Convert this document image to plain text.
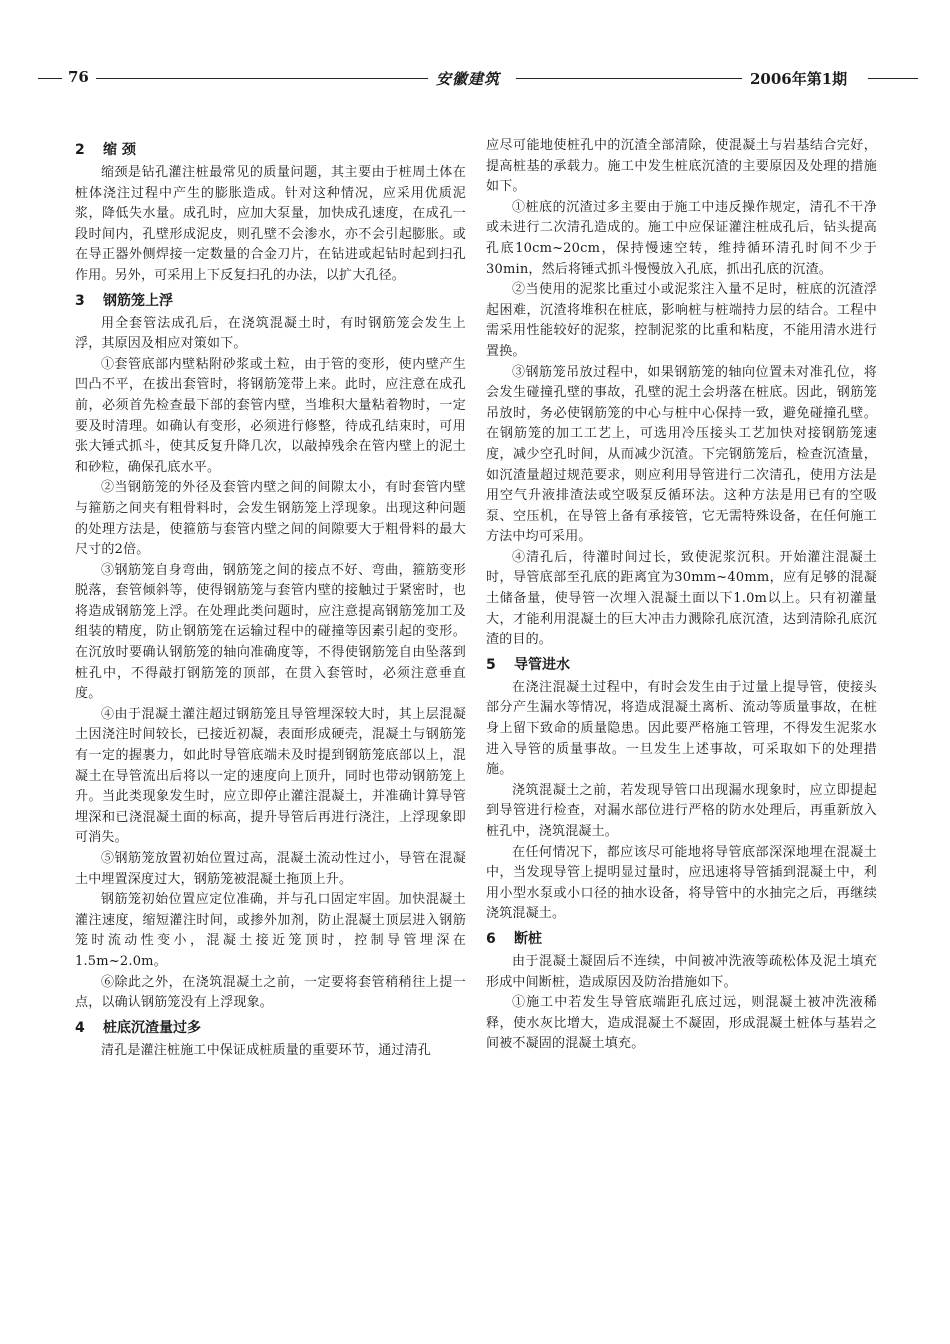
76	安徽建筑	2006年第1期
2 缩 颈

缩颈是钻孔灌注桩最常见的质量问题，其主要由于桩周土体在桩体浇注过程中产生的膨胀造成。针对这种情况，应采用优质泥浆，降低失水量。成孔时，应加大泵量，加快成孔速度，在成孔一段时间内，孔壁形成泥皮，则孔壁不会渗水，亦不会引起膨胀。或在导正器外侧焊接一定数量的合金刀片，在钻进或起钻时起到扫孔作用。另外，可采用上下反复扫孔的办法，以扩大孔径。

3 钢筋笼上浮

用全套管法成孔后，在浇筑混凝土时，有时钢筋笼会发生上浮，其原因及相应对策如下。

①套管底部内壁粘附砂浆或土粒，由于管的变形，使内壁产生凹凸不平，在拔出套管时，将钢筋笼带上来。此时，应注意在成孔前，必须首先检查最下部的套管内壁，当堆积大量粘着物时，一定要及时清理。如确认有变形，必须进行修整，待成孔结束时，可用张大锤式抓斗，使其反复升降几次，以敲掉残余在管内壁上的泥土和砂粒，确保孔底水平。

②当钢筋笼的外径及套管内壁之间的间隙太小，有时套管内壁与箍筋之间夹有粗骨料时，会发生钢筋笼上浮现象。出现这种问题的处理方法是，使箍筋与套管内壁之间的间隙要大于粗骨料的最大尺寸的2倍。

③钢筋笼自身弯曲，钢筋笼之间的接点不好、弯曲，箍筋变形脱落，套管倾斜等，使得钢筋笼与套管内壁的接触过于紧密时，也将造成钢筋笼上浮。在处理此类问题时，应注意提高钢筋笼加工及组装的精度，防止钢筋笼在运输过程中的碰撞等因素引起的变形。在沉放时要确认钢筋笼的轴向准确度等，不得使钢筋笼自由坠落到桩孔中，不得敲打钢筋笼的顶部，在贯入套管时，必须注意垂直度。

④由于混凝土灌注超过钢筋笼且导管埋深较大时，其上层混凝土因浇注时间较长，已接近初凝，表面形成硬壳，混凝土与钢筋笼有一定的握裹力，如此时导管底端未及时提到钢筋笼底部以上，混凝土在导管流出后将以一定的速度向上顶升，同时也带动钢筋笼上升。当此类现象发生时，应立即停止灌注混凝土，并准确计算导管埋深和已浇混凝土面的标高，提升导管后再进行浇注，上浮现象即可消失。

⑤钢筋笼放置初始位置过高，混凝土流动性过小，导管在混凝土中埋置深度过大，钢筋笼被混凝土拖顶上升。

钢筋笼初始位置应定位准确，并与孔口固定牢固。加快混凝土灌注速度，缩短灌注时间，或掺外加剂，防止混凝土顶层进入钢筋笼时流动性变小，混凝土接近笼顶时，控制导管埋深在1.5m~2.0m。

⑥除此之外，在浇筑混凝土之前，一定要将套管稍稍往上提一点，以确认钢筋笼没有上浮现象。

4 桩底沉渣量过多

清孔是灌注桩施工中保证成桩质量的重要环节，通过清孔

应尽可能地使桩孔中的沉渣全部清除，使混凝土与岩基结合完好，提高桩基的承载力。施工中发生桩底沉渣的主要原因及处理的措施如下。

①桩底的沉渣过多主要由于施工中违反操作规定，清孔不干净或未进行二次清孔造成的。施工中应保证灌注桩成孔后，钻头提高孔底10cm~20cm，保持慢速空转，维持循环清孔时间不少于30min，然后将锤式抓斗慢慢放入孔底，抓出孔底的沉渣。

②当使用的泥浆比重过小或泥浆注入量不足时，桩底的沉渣浮起困难，沉渣将堆积在桩底，影响桩与桩端持力层的结合。工程中需采用性能较好的泥浆，控制泥浆的比重和粘度，不能用清水进行置换。

③钢筋笼吊放过程中，如果钢筋笼的轴向位置未对准孔位，将会发生碰撞孔壁的事故，孔壁的泥土会坍落在桩底。因此，钢筋笼吊放时，务必使钢筋笼的中心与桩中心保持一致，避免碰撞孔壁。在钢筋笼的加工工艺上，可选用冷压接头工艺加快对接钢筋笼速度，减少空孔时间，从而减少沉渣。下完钢筋笼后，检查沉渣量，如沉渣量超过规范要求，则应利用导管进行二次清孔，使用方法是用空气升液排渣法或空吸泵反循环法。这种方法是用已有的空吸泵、空压机，在导管上备有承接管，它无需特殊设备，在任何施工方法中均可采用。

④清孔后，待灌时间过长，致使泥浆沉积。开始灌注混凝土时，导管底部至孔底的距离宜为30mm~40mm，应有足够的混凝土储备量，使导管一次埋入混凝土面以下1.0m以上。只有初灌量大，才能利用混凝土的巨大冲击力溅除孔底沉渣，达到清除孔底沉渣的目的。

5 导管进水

在浇注混凝土过程中，有时会发生由于过量上提导管，使接头部分产生漏水等情况，将造成混凝土离析、流动等质量事故，在桩身上留下致命的质量隐患。因此要严格施工管理，不得发生泥浆水进入导管的质量事故。一旦发生上述事故，可采取如下的处理措施。

浇筑混凝土之前，若发现导管口出现漏水现象时，应立即提起到导管进行检查，对漏水部位进行严格的防水处理后，再重新放入桩孔中，浇筑混凝土。

在任何情况下，都应该尽可能地将导管底部深深地埋在混凝土中，当发现导管上提明显过量时，应迅速将导管插到混凝土中，利用小型水泵或小口径的抽水设备，将导管中的水抽完之后，再继续浇筑混凝土。

6 断桩

由于混凝土凝固后不连续，中间被冲洗液等疏松体及泥土填充形成中间断桩，造成原因及防治措施如下。

①施工中若发生导管底端距孔底过远，则混凝土被冲洗液稀释，使水灰比增大，造成混凝土不凝固，形成混凝土桩体与基岩之间被不凝固的混凝土填充。
